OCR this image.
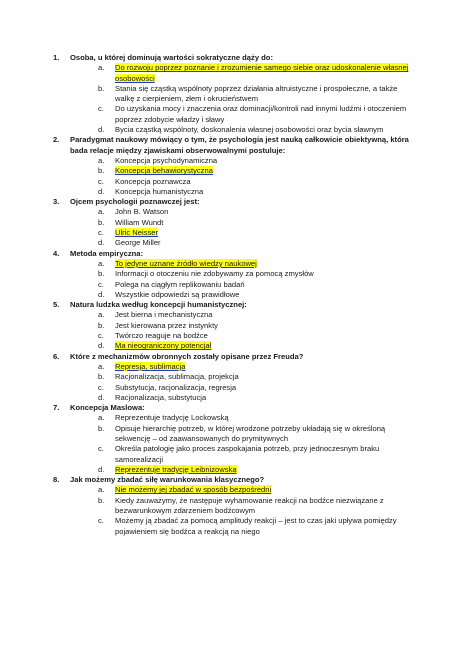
1. Osoba, u której dominują wartości sokratyczne dąży do:
a. Do rozwoju poprzez poznanie i zrozumienie samego siebie oraz udoskonalenie własnej osobowości
b. Stania się cząstką wspólnoty poprzez działania altruistyczne i prospołeczne, a także walkę z cierpieniem, złem i okrucieństwem
c. Do uzyskania mocy i znaczenia oraz dominacji/kontroli nad innymi ludźmi i otoczeniem poprzez zdobycie władzy i sławy
d. Bycia cząstką wspólnoty, doskonalenia własnej osobowości oraz bycia sławnym
2. Paradygmat naukowy mówiący o tym, że psychologia jest nauką całkowicie obiektywną, która bada relacje między zjawiskami obserwowalnymi postuluje:
a. Koncepcja psychodynamiczna
b. Koncepcja behawiorystyczna
c. Koncepcja poznawcza
d. Koncepcja humanistyczna
3. Ojcem psychologii poznawczej jest:
a. John B. Watson
b. William Wundt
c. Ulric Neisser
d. George Miller
4. Metoda empiryczna:
a. To jedyne uznane źródło wiedzy naukowej
b. Informacji o otoczeniu nie zdobywamy za pomocą zmysłów
c. Polega na ciągłym replikowaniu badań
d. Wszystkie odpowiedzi są prawidłowe
5. Natura ludzka według koncepcji humanistycznej:
a. Jest bierna i mechanistyczna
b. Jest kierowana przez instynkty
c. Twórczo reaguje na bodźce
d. Ma nieograniczony potencjał
6. Które z mechanizmów obronnych zostały opisane przez Freuda?
a. Represja, sublimacja
b. Racjonalizacja, sublimacja, projekcja
c. Substytucja, racjonalizacja, regresja
d. Racjonalizacja, substytucja
7. Koncepcja Maslowa:
a. Reprezentuje tradycję Lockowską
b. Opisuje hierarchię potrzeb, w której wrodzone potrzeby układają się w określoną sekwencję – od zaawansowanych do prymitywnych
c. Określa patologię jako proces zaspokajania potrzeb, przy jednoczesnym braku samorealizacji
d. Reprezentuje tradycję Leibnizowska
8. Jak możemy zbadać siłę warunkowania klasycznego?
a. Nie możemy jej zbadać w sposób bezpośredni
b. Kiedy zauważymy, że następuje wyhamowanie reakcji na bodźce niezwiązane z bezwarunkowym zdarzeniem bodźcowym
c. Możemy ją zbadać za pomocą amplitudy reakcji – jest to czas jaki upływa pomiędzy pojawieniem się bodźca a reakcją na niego
